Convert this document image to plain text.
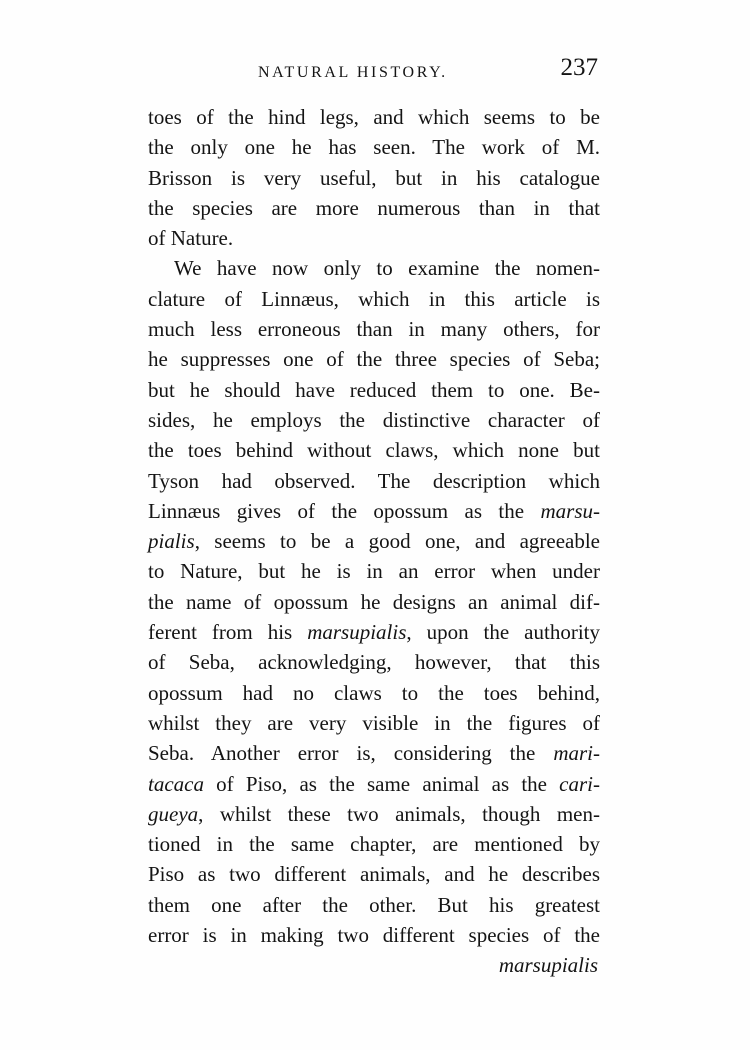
NATURAL HISTORY.	237
toes of the hind legs, and which seems to be
the only one he has seen. The work of M.
Brisson is very useful, but in his catalogue
the species are more numerous than in that
of Nature.
We have now only to examine the nomen-
clature of Linnæus, which in this article is
much less erroneous than in many others, for
he suppresses one of the three species of Seba;
but he should have reduced them to one. Be-
sides, he employs the distinctive character of
the toes behind without claws, which none but
Tyson had observed. The description which
Linnæus gives of the opossum as the marsu-
pialis, seems to be a good one, and agreeable
to Nature, but he is in an error when under
the name of opossum he designs an animal dif-
ferent from his marsupialis, upon the authority
of Seba, acknowledging, however, that this
opossum had no claws to the toes behind,
whilst they are very visible in the figures of
Seba. Another error is, considering the mari-
tacaca of Piso, as the same animal as the cari-
gueya, whilst these two animals, though men-
tioned in the same chapter, are mentioned by
Piso as two different animals, and he describes
them one after the other. But his greatest
error is in making two different species of the
marsupialis
